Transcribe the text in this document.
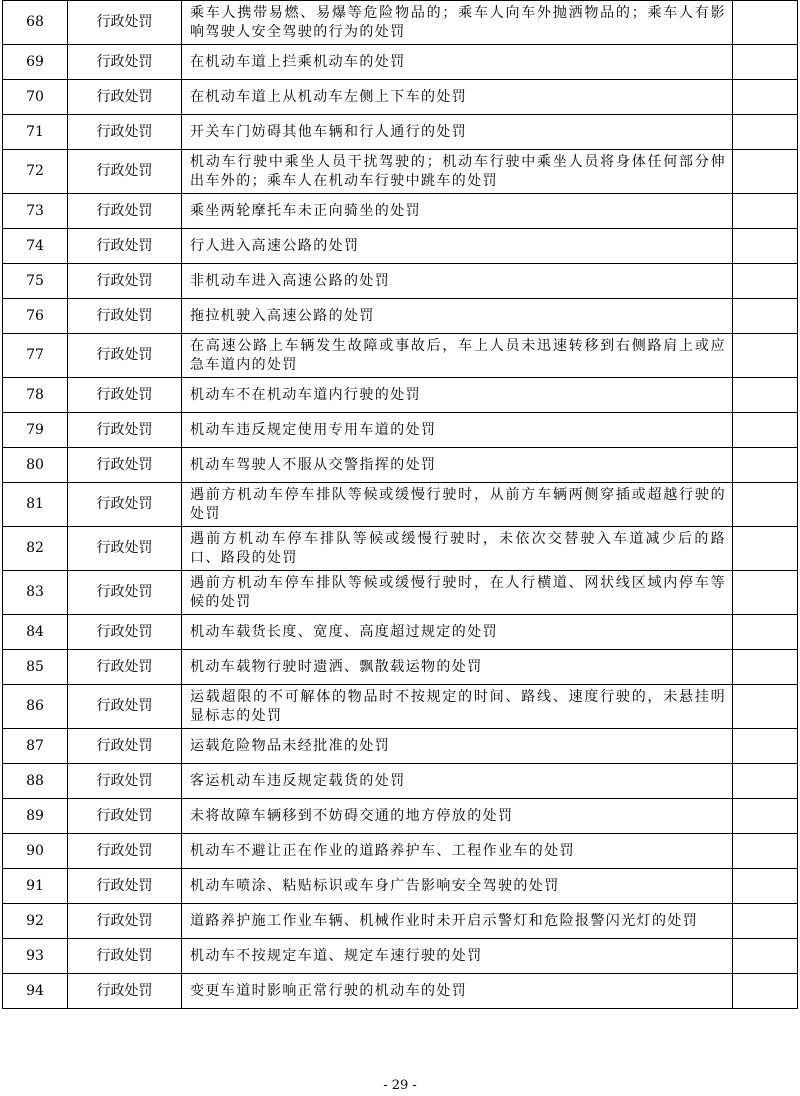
68	行政处罚	乘车人携带易燃、易爆等危险物品的；乘车人向车外抛洒物品的；乘车人有影响驾驶人安全驾驶的行为的处罚	
69	行政处罚	在机动车道上拦乘机动车的处罚	
70	行政处罚	在机动车道上从机动车左侧上下车的处罚	
71	行政处罚	开关车门妨碍其他车辆和行人通行的处罚	
72	行政处罚	机动车行驶中乘坐人员干扰驾驶的；机动车行驶中乘坐人员将身体任何部分伸出车外的；乘车人在机动车行驶中跳车的处罚	
73	行政处罚	乘坐两轮摩托车未正向骑坐的处罚	
74	行政处罚	行人进入高速公路的处罚	
75	行政处罚	非机动车进入高速公路的处罚	
76	行政处罚	拖拉机驶入高速公路的处罚	
77	行政处罚	在高速公路上车辆发生故障或事故后，车上人员未迅速转移到右侧路肩上或应急车道内的处罚	
78	行政处罚	机动车不在机动车道内行驶的处罚	
79	行政处罚	机动车违反规定使用专用车道的处罚	
80	行政处罚	机动车驾驶人不服从交警指挥的处罚	
81	行政处罚	遇前方机动车停车排队等候或缓慢行驶时，从前方车辆两侧穿插或超越行驶的处罚	
82	行政处罚	遇前方机动车停车排队等候或缓慢行驶时，未依次交替驶入车道减少后的路口、路段的处罚	
83	行政处罚	遇前方机动车停车排队等候或缓慢行驶时，在人行横道、网状线区域内停车等候的处罚	
84	行政处罚	机动车载货长度、宽度、高度超过规定的处罚	
85	行政处罚	机动车载物行驶时遗洒、飘散载运物的处罚	
86	行政处罚	运载超限的不可解体的物品时不按规定的时间、路线、速度行驶的，未悬挂明显标志的处罚	
87	行政处罚	运载危险物品未经批准的处罚	
88	行政处罚	客运机动车违反规定载货的处罚	
89	行政处罚	未将故障车辆移到不妨碍交通的地方停放的处罚	
90	行政处罚	机动车不避让正在作业的道路养护车、工程作业车的处罚	
91	行政处罚	机动车喷涂、粘贴标识或车身广告影响安全驾驶的处罚	
92	行政处罚	道路养护施工作业车辆、机械作业时未开启示警灯和危险报警闪光灯的处罚	
93	行政处罚	机动车不按规定车道、规定车速行驶的处罚	
94	行政处罚	变更车道时影响正常行驶的机动车的处罚	
- 29 -
